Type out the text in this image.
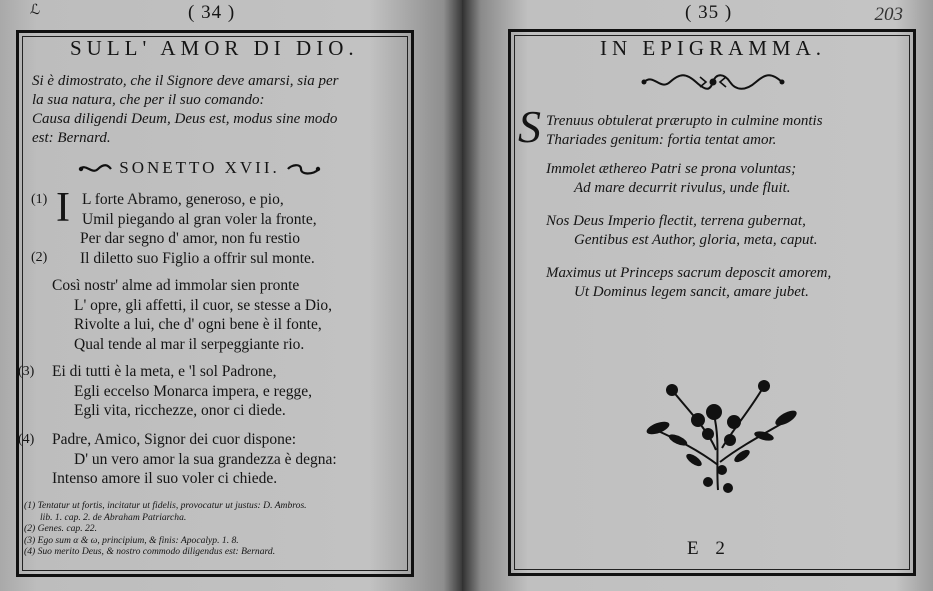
ℒ	( 34 )
SULL' AMOR DI DIO.
Si è dimostrato, che il Signore deve amarsi, sia per
la sua natura, che per il suo comando:
Causa diligendi Deum, Deus est, modus sine modo
est: Bernard.
SONETTO XVII.
(1) I L forte Abramo, generoso, e pio,
Umil piegando al gran voler la fronte,
Per dar segno d' amor, non fu restio
(2)	Il diletto suo Figlio a offrir sul monte.
Così nostr' alme ad immolar sien pronte
L' opre, gli affetti, il cuor, se stesse a Dio,
Rivolte a lui, che d' ogni bene è il fonte,
Qual tende al mar il serpeggiante rio.
(3) Ei di tutti è la meta, e 'l sol Padrone,
Egli eccelso Monarca impera, e regge,
Egli vita, ricchezze, onor ci diede.
(4) Padre, Amico, Signor dei cuor dispone:
D' un vero amor la sua grandezza è degna:
Intenso amore il suo voler ci chiede.
(1) Tentatur ut fortis, incitatur ut fidelis, provocatur ut justus: D. Ambros.
lib. 1. cap. 2. de Abraham Patriarcha.
(2) Genes. cap. 22.
(3) Ego sum α & ω, principium, & finis: Apocalyp. 1. 8.
(4) Suo merito Deus, & nostro commodo diligendus est: Bernard.
( 35 )	203
IN EPIGRAMMA.
S Trenuus obtulerat prærupto in culmine montis
Thariades genitum: fortia tentat amor.
Immolet æthereo Patri se prona voluntas;
Ad mare decurrit rivulus, unde fluit.
Nos Deus Imperio flectit, terrena gubernat,
Gentibus est Author, gloria, meta, caput.
Maximus ut Princeps sacrum deposcit amorem,
Ut Dominus legem sancit, amare jubet.
E 2
